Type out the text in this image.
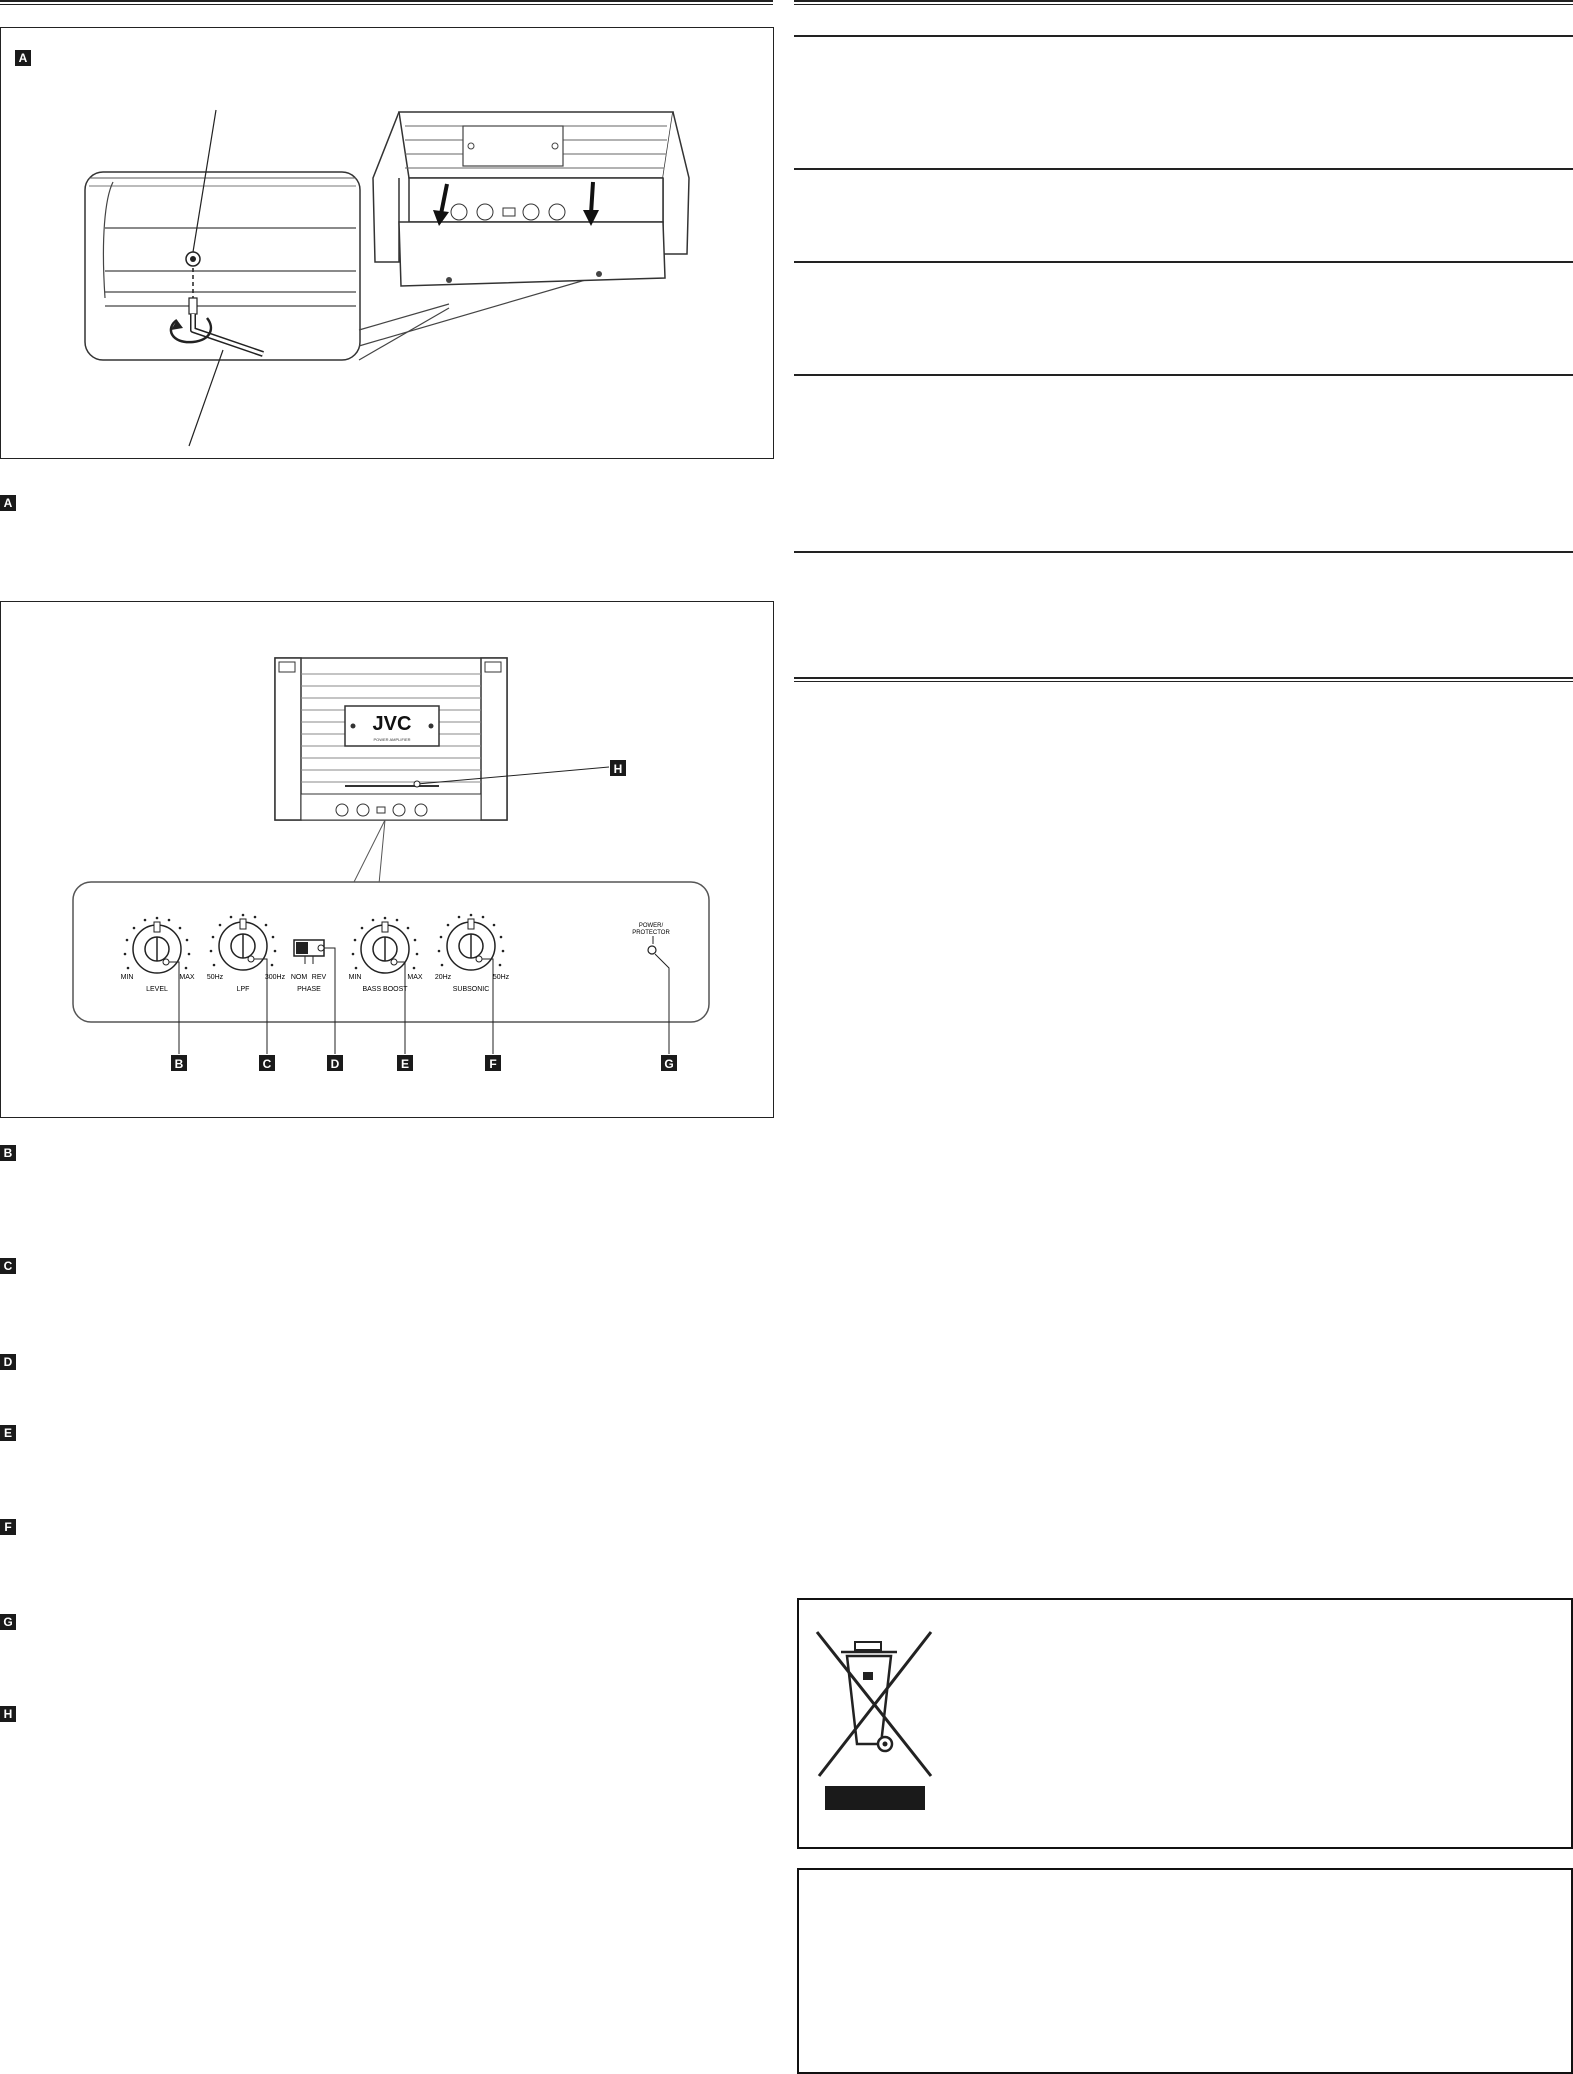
A
A
JVC
POWER AMPLIFIER
MIN	MAX
LEVEL
50Hz	300Hz
LPF
NOM REV
PHASE
MIN	MAX
BASS BOOST
20Hz	50Hz
SUBSONIC
POWER/
PROTECTOR
B	C	D	E	F	G
H
B
C
D
E
F
G
H
